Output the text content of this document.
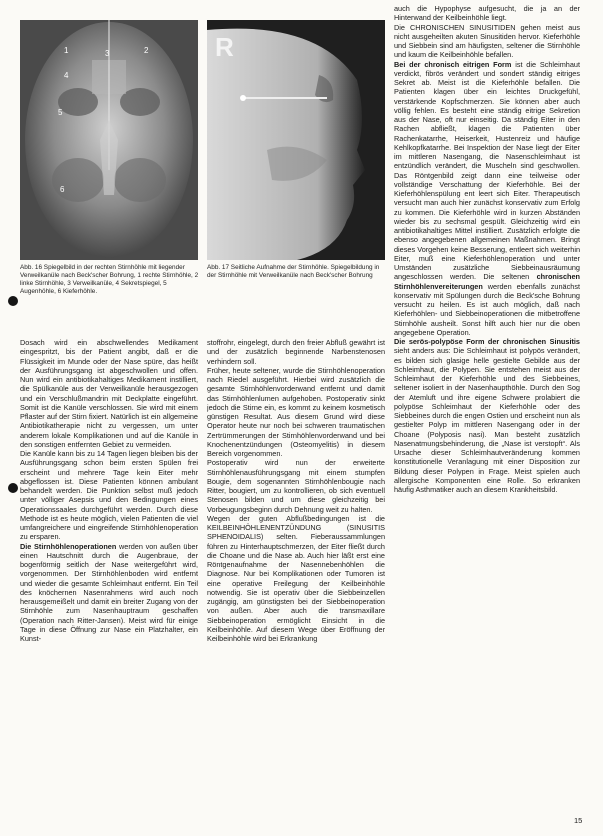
1	2
3
4
5
6
R
Abb. 16 Spiegelbild in der rechten Stirnhöhle mit liegender Verweilkanüle nach Beck'scher Bohrung, 1 rechte Stirnhöhle, 2 linke Stirnhöhle, 3 Verweilkanüle, 4 Sekretspiegel, 5 Augenhöhle, 6 Kieferhöhle.
Abb. 17 Seitliche Aufnahme der Stirnhöhle. Spiegelbildung in der Stirnhöhle mit Verweilkanüle nach Beck'scher Bohrung

Dosach wird ein abschwellendes Medikament eingespritzt, bis der Patient angibt, daß er die Flüssigkeit im Munde oder der Nase spüre, das heißt der Ausführungsgang ist abgeschwollen und offen. Nun wird ein antibiotikahaltiges Medikament instilliert, die Spülkanüle aus der Verweilkanüle herausgezogen und ein Verschlußmandrin mit Deckplatte eingeführt. Somit ist die Kanüle verschlossen. Sie wird mit einem Pflaster auf der Stirn fixiert. Natürlich ist ein allgemeine Antibiotikatherapie nicht zu vergessen, um unter anderem lokale Komplikationen und auf die Kanüle in den sonstigen entfernten Gebiet zu vermeiden.

Die Kanüle kann bis zu 14 Tagen liegen bleiben bis der Ausführungsgang schon beim ersten Spülen frei erscheint und mehrere Tage kein Eiter mehr abgeflossen ist. Diese Patienten können ambulant behandelt werden. Die Punktion selbst muß jedoch unter völliger Asepsis und den Bedingungen eines Operationssaales durchgeführt werden. Durch diese Methode ist es heute möglich, vielen Patienten die viel umfangreichere und eingreifende Stirnhöhlenoperation zu ersparen.

Die Stirnhöhlenoperationen werden von außen über einen Hautschnitt durch die Augenbraue, der bogenförmig seitlich der Nase weitergeführt wird, vorgenommen. Der Stirnhöhlenboden wird entfernt und wieder die gesamte Schleimhaut entfernt. Ein Teil des knöchernen Nasenrahmens wird auch noch herausgemeißelt und damit ein breiter Zugang von der Stirnhöhle zum Nasenhauptraum geschaffen (Operation nach Ritter-Jansen). Meist wird für einige Tage in diese Öffnung zur Nase ein Platzhalter, ein Kunst-

stoffrohr, eingelegt, durch den freier Abfluß gewährt ist und der zusätzlich beginnende Narbenstenosen verhindern soll.

Früher, heute seltener, wurde die Stirnhöhlenoperation nach Riedel ausgeführt. Hierbei wird zusätzlich die gesamte Stirnhöhlenvorderwand entfernt und damit das Stirnhöhlenlumen aufgehoben. Postoperativ sinkt jedoch die Stirne ein, es kommt zu keinem kosmetisch günstigen Resultat. Aus diesem Grund wird diese Operator heute nur noch bei schweren traumatischen Zertrümmerungen der Stirnhöhlenvorderwand und bei Knochenentzündungen (Osteomyelitis) in diesem Bereich vorgenommen.

Postoperativ wird nun der erweiterte Stirnhöhlenausführungsgang mit einem stumpfen Bougie, dem sogenannten Stirnhöhlenbougie nach Ritter, bougiert, um zu kontrollieren, ob sich eventuell Stenosen bilden und um diese gleichzeitig bei Vorbeugungsbeginn durch Dehnung weit zu halten.

Wegen der guten Abflußbedingungen ist die KEILBEINHÖHLENENTZÜNDUNG (SINUSITIS SPHENOIDALIS) selten. Fieberaussammlungen führen zu Hinterhauptschmerzen, der Eiter fließt durch die Choane und die Nase ab. Auch hier läßt erst eine Röntgenaufnahme der Nasennebenhöhlen die Diagnose. Nur bei Komplikationen oder Tumoren ist eine operative Freilegung der Keilbeinhöhle notwendig. Sie ist operativ über die Siebbeinzellen zugängig, am günstigsten bei der Siebbeinoperation von außen. Aber auch die transmaxillare Siebbeinoperation ermöglicht Einsicht in die Keilbeinhöhle. Auf diesem Wege über Eröffnung der Keilbeinhöhle wird bei Erkrankung

auch die Hypophyse aufgesucht, die ja an der Hinterwand der Keilbeinhöhle liegt.

Die CHRONISCHEN SINUSITIDEN gehen meist aus nicht ausgeheilten akuten Sinusitiden hervor. Kieferhöhle und Siebbein sind am häufigsten, seltener die Stirnhöhle und kaum die Keilbeinhöhle befallen.

Bei der chronisch eitrigen Form ist die Schleimhaut verdickt, fibrös verändert und sondert ständig eitriges Sekret ab. Meist ist die Kieferhöhle befallen. Die Patienten klagen über ein leichtes Druckgefühl, verstärkende Kopfschmerzen. Sie können aber auch völlig fehlen. Es besteht eine ständig eitrige Sekretion aus der Nase, oft nur einseitig. Da ständig Eiter in den Rachen abfließt, klagen die Patienten über Rachenkatarrhe, Heiserkeit, Hustenreiz und häufige Kehlkopfkatarrhe. Bei Inspektion der Nase liegt der Eiter im mittleren Nasengang, die Nasenschleimhaut ist entzündlich verändert, die Muscheln sind geschwollen. Das Röntgenbild zeigt dann eine teilweise oder vollständige Verschattung der Kieferhöhle. Bei der Kieferhöhlenspülung ent leert sich Eiter. Therapeutisch versucht man auch hier zunächst konservativ zum Erfolg zu kommen. Die Kieferhöhle wird in kurzen Abständen wieder bis zu sechsmal gespült. Gleichzeitig wird ein antibiotikahaltiges Mittel instilliert. Zusätzlich erfolgte die ebenso angegebenen allgemeinen Maßnahmen. Bringt dieses Vorgehen keine Besserung, entleert sich weiterhin Eiter, muß eine Kieferhöhlenoperation und unter Umständen zusätzliche Siebbeinausräumung angeschlossen werden. Die seltenen chronischen Stirnhöhlenvereiterungen werden ebenfalls zunächst konservativ mit Spülungen durch die Beck'sche Bohrung versucht zu heilen. Es ist auch möglich, daß nach Kieferhöhlen- und Siebbeinoperationen die mitbetroffene Stirnhöhle ausheilt. Sonst hilft auch hier nur die oben angegebene Operation.

Die serös-polypöse Form der chronischen Sinusitis sieht anders aus: Die Schleimhaut ist polypös verändert, es bilden sich glasige helle gestielte Gebilde aus der Schleimhaut, die Polypen. Sie entstehen meist aus der Schleimhaut der Kieferhöhle und des Siebbeines, seltener isoliert in der Nasenhaupthöhle. Durch den Sog der Atemluft und ihre eigene Schwere prolabiert die polypöse Schleimhaut der Kieferhöhle oder des Siebbeines durch die engen Ostien und erscheint nun als gestielter Polyp im mittleren Nasengang oder in der Choane (Polyposis nasi). Man besteht zusätzlich Nasenatmungsbehinderung, die „Nase ist verstopft“. Als Ursache dieser Schleimhautveränderung kommen konstitutionelle Veranlagung mit einer Disposition zur Bildung dieser Polypen in Frage. Meist spielen auch allergische Komponenten eine Rolle. So erkranken häufig Asthmatiker auch an diesem Krankheitsbild.

15
